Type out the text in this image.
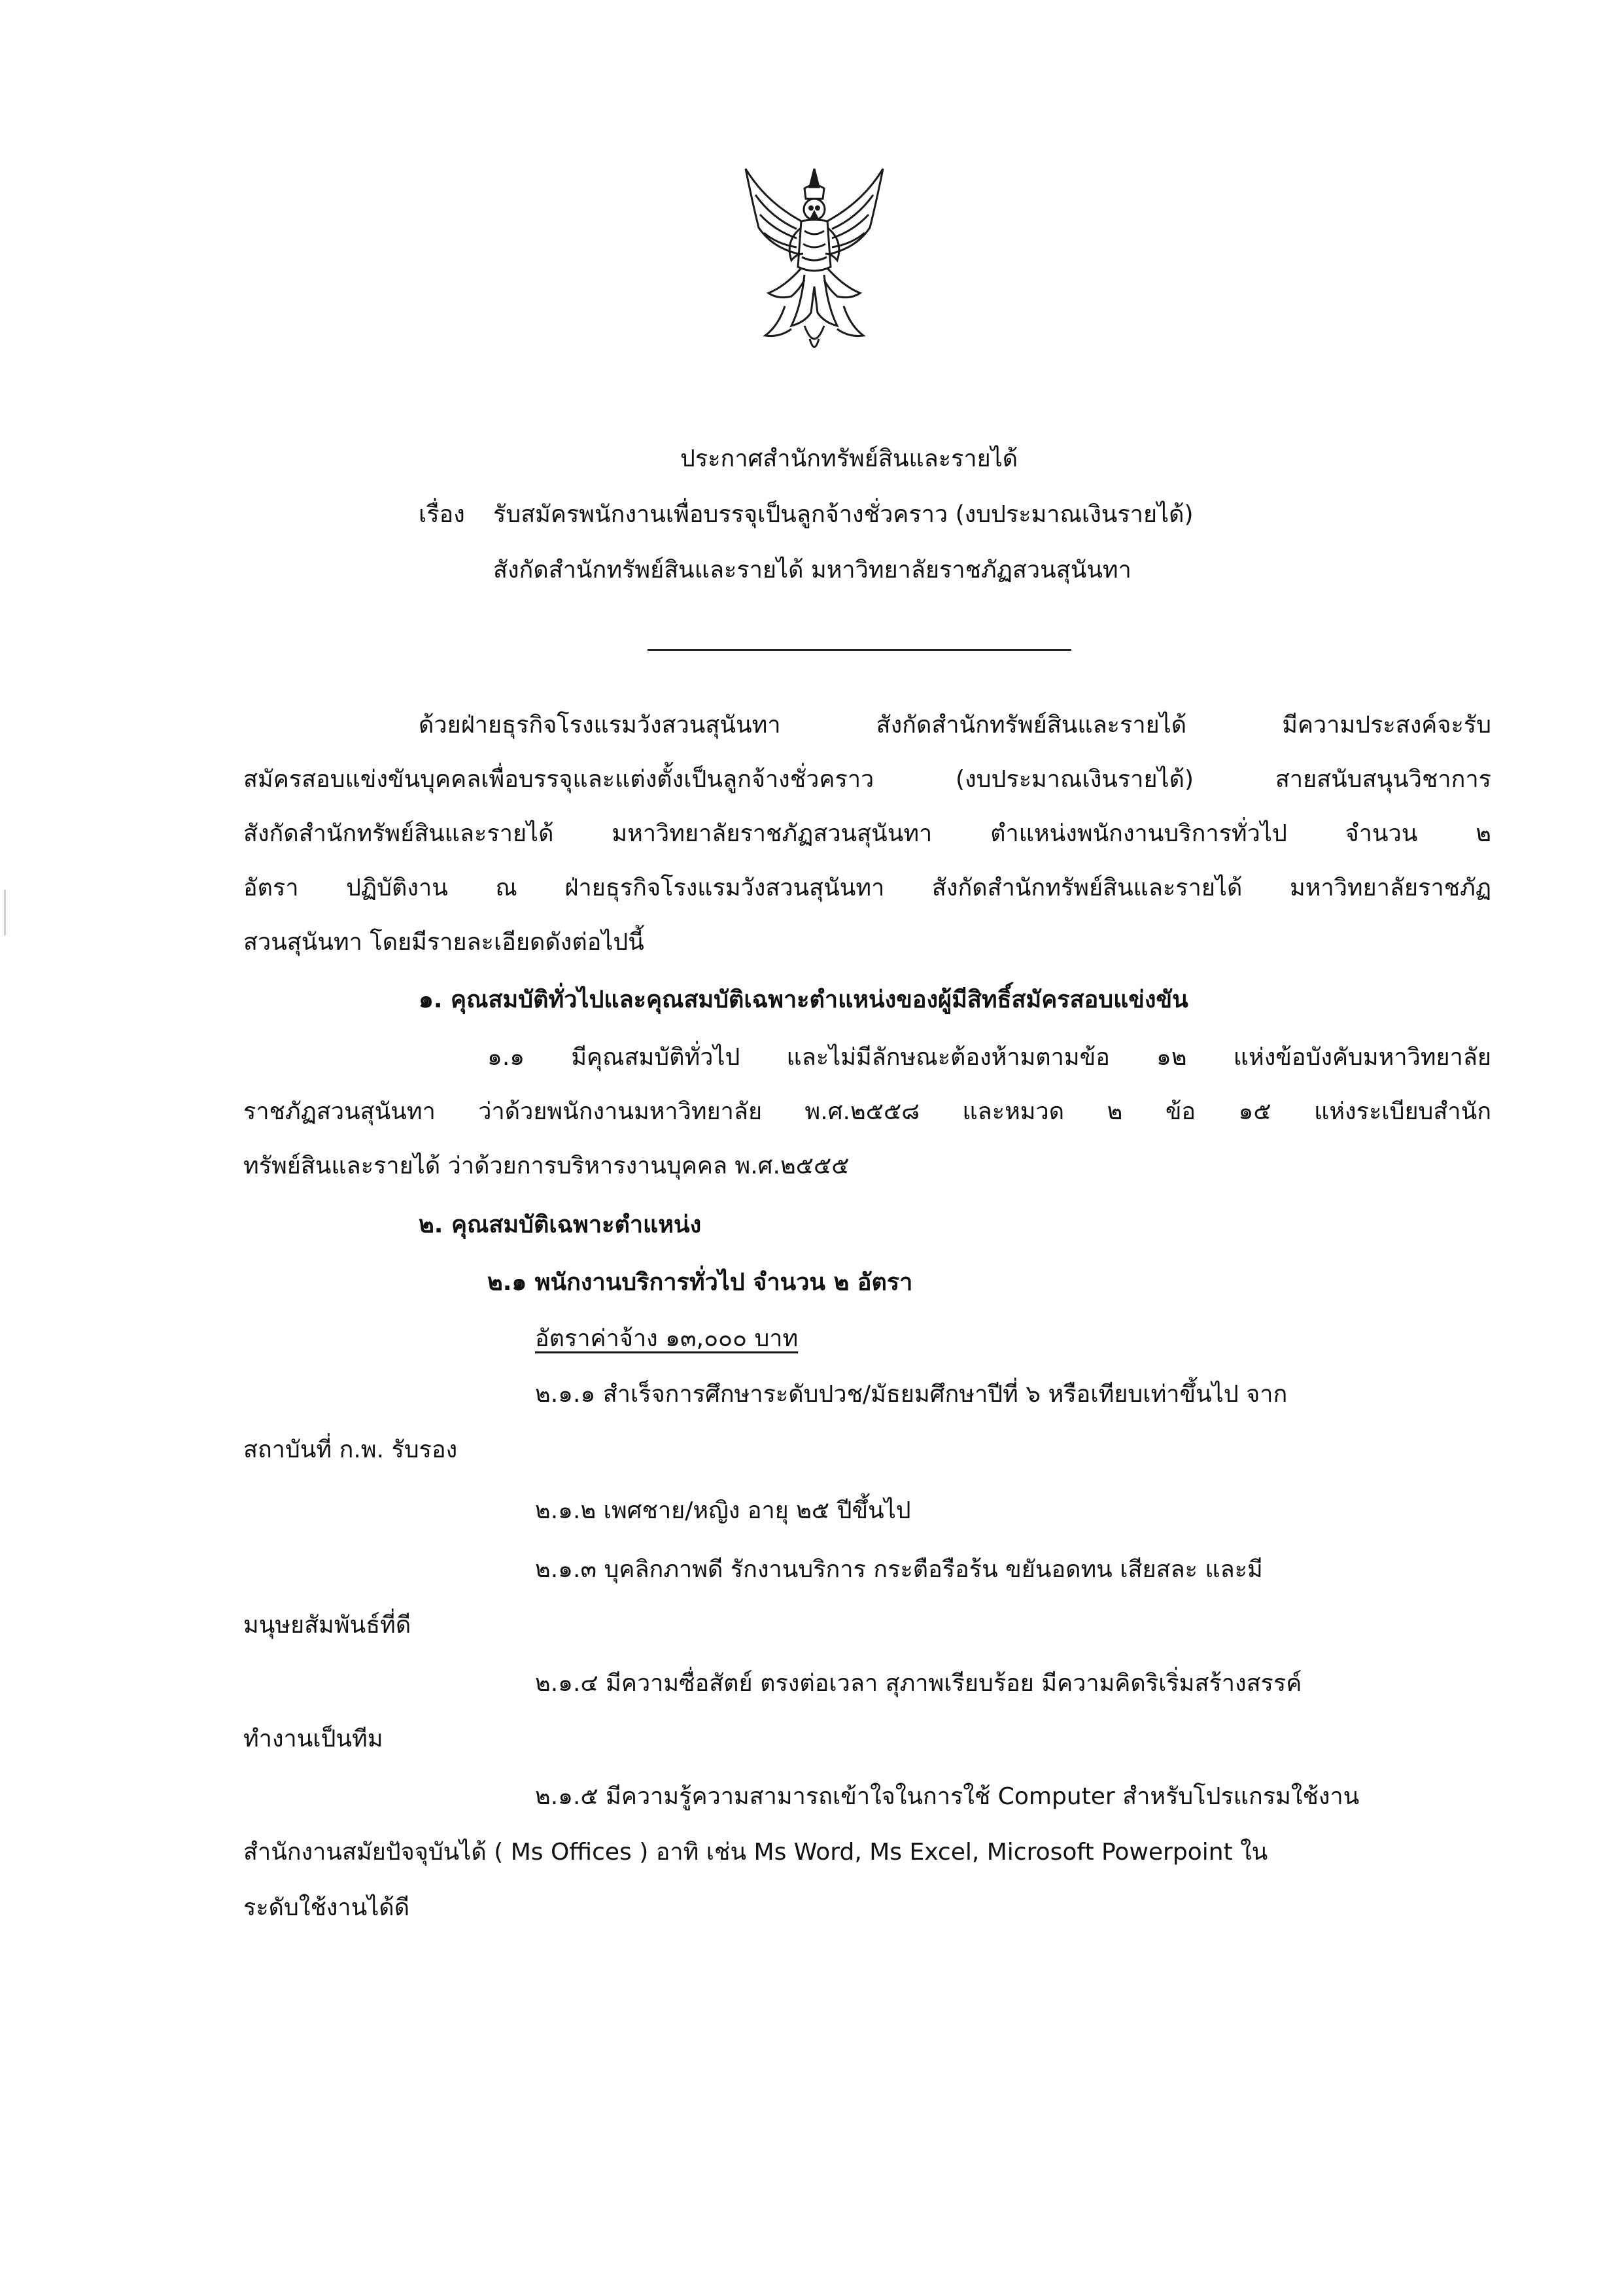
ประกาศสำนักทรัพย์สินและรายได้
เรื่อง รับสมัครพนักงานเพื่อบรรจุเป็นลูกจ้างชั่วคราว (งบประมาณเงินรายได้)
สังกัดสำนักทรัพย์สินและรายได้ มหาวิทยาลัยราชภัฏสวนสุนันทา
ด้วยฝ่ายธุรกิจโรงแรมวังสวนสุนันทา สังกัดสำนักทรัพย์สินและรายได้ มีความประสงค์จะรับ
สมัครสอบแข่งขันบุคคลเพื่อบรรจุและแต่งตั้งเป็นลูกจ้างชั่วคราว (งบประมาณเงินรายได้) สายสนับสนุนวิชาการ
สังกัดสำนักทรัพย์สินและรายได้ มหาวิทยาลัยราชภัฏสวนสุนันทา ตำแหน่งพนักงานบริการทั่วไป จำนวน ๒
อัตรา ปฏิบัติงาน ณ ฝ่ายธุรกิจโรงแรมวังสวนสุนันทา สังกัดสำนักทรัพย์สินและรายได้ มหาวิทยาลัยราชภัฏ
สวนสุนันทา โดยมีรายละเอียดดังต่อไปนี้
๑. คุณสมบัติทั่วไปและคุณสมบัติเฉพาะตำแหน่งของผู้มีสิทธิ์สมัครสอบแข่งขัน
๑.๑ มีคุณสมบัติทั่วไป และไม่มีลักษณะต้องห้ามตามข้อ ๑๒ แห่งข้อบังคับมหาวิทยาลัย
ราชภัฏสวนสุนันทา ว่าด้วยพนักงานมหาวิทยาลัย พ.ศ.๒๕๕๘ และหมวด ๒ ข้อ ๑๕ แห่งระเบียบสำนัก
ทรัพย์สินและรายได้ ว่าด้วยการบริหารงานบุคคล พ.ศ.๒๕๕๕
๒. คุณสมบัติเฉพาะตำแหน่ง
๒.๑ พนักงานบริการทั่วไป จำนวน ๒ อัตรา
อัตราค่าจ้าง ๑๓,๐๐๐ บาท
๒.๑.๑ สำเร็จการศึกษาระดับปวช/มัธยมศึกษาปีที่ ๖ หรือเทียบเท่าขึ้นไป จาก
สถาบันที่ ก.พ. รับรอง
๒.๑.๒ เพศชาย/หญิง อายุ ๒๕ ปีขึ้นไป
๒.๑.๓ บุคลิกภาพดี รักงานบริการ กระตือรือร้น ขยันอดทน เสียสละ และมี
มนุษยสัมพันธ์ที่ดี
๒.๑.๔ มีความซื่อสัตย์ ตรงต่อเวลา สุภาพเรียบร้อย มีความคิดริเริ่มสร้างสรรค์
ทำงานเป็นทีม
๒.๑.๕ มีความรู้ความสามารถเข้าใจในการใช้ Computer สำหรับโปรแกรมใช้งาน
สำนักงานสมัยปัจจุบันได้ ( Ms Offices ) อาทิ เช่น Ms Word, Ms Excel, Microsoft Powerpoint ใน
ระดับใช้งานได้ดี
